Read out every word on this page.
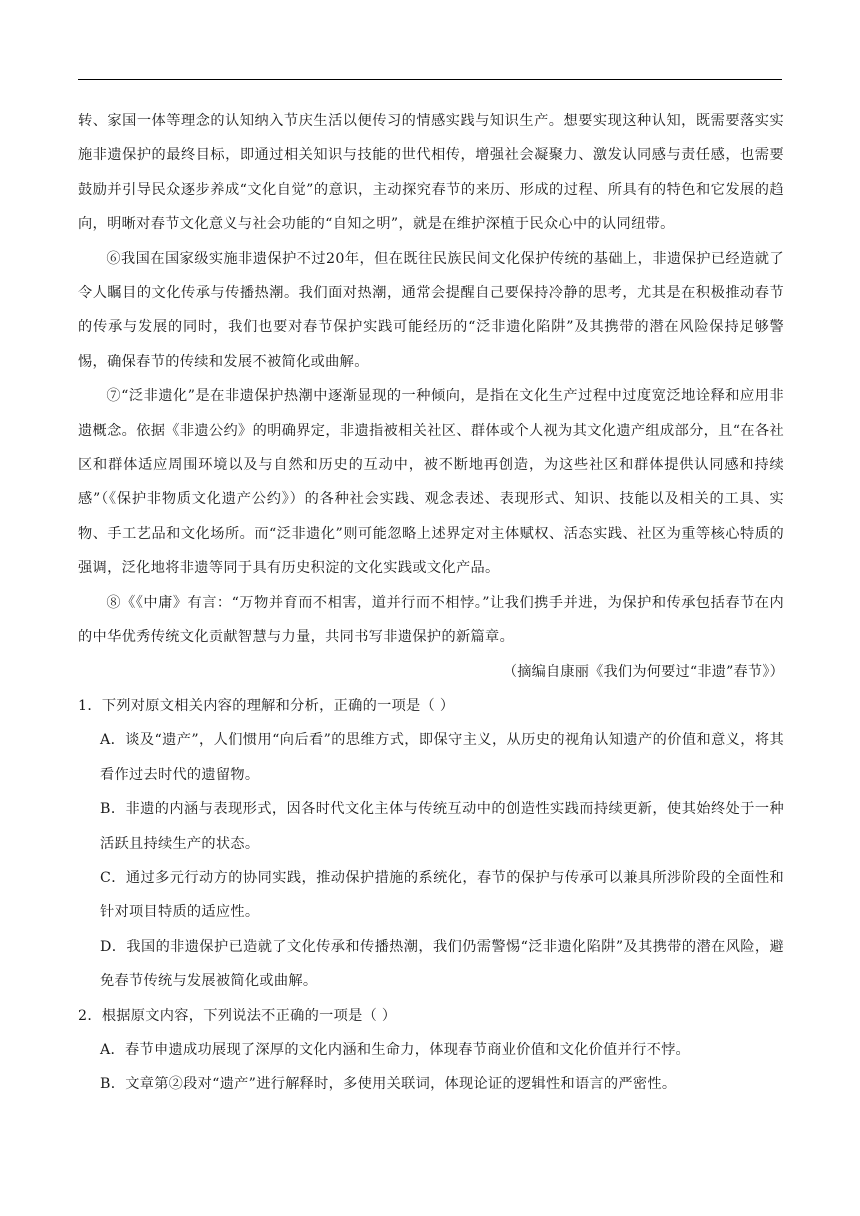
转、家国一体等理念的认知纳入节庆生活以便传习的情感实践与知识生产。想要实现这种认知，既需要落实实施非遗保护的最终目标，即通过相关知识与技能的世代相传，增强社会凝聚力、激发认同感与责任感，也需要鼓励并引导民众逐步养成“文化自觉”的意识，主动探究春节的来历、形成的过程、所具有的特色和它发展的趋向，明晰对春节文化意义与社会功能的“自知之明”，就是在维护深植于民众心中的认同纽带。

⑥我国在国家级实施非遗保护不过20年，但在既往民族民间文化保护传统的基础上，非遗保护已经造就了令人瞩目的文化传承与传播热潮。我们面对热潮，通常会提醒自己要保持冷静的思考，尤其是在积极推动春节的传承与发展的同时，我们也要对春节保护实践可能经历的“泛非遗化陷阱”及其携带的潜在风险保持足够警惕，确保春节的传续和发展不被简化或曲解。

⑦“泛非遗化”是在非遗保护热潮中逐渐显现的一种倾向，是指在文化生产过程中过度宽泛地诠释和应用非遗概念。依据《非遗公约》的明确界定，非遗指被相关社区、群体或个人视为其文化遗产组成部分，且“在各社区和群体适应周围环境以及与自然和历史的互动中，被不断地再创造，为这些社区和群体提供认同感和持续感”（《保护非物质文化遗产公约》）的各种社会实践、观念表述、表现形式、知识、技能以及相关的工具、实物、手工艺品和文化场所。而“泛非遗化”则可能忽略上述界定对主体赋权、活态实践、社区为重等核心特质的强调，泛化地将非遗等同于具有历史积淀的文化实践或文化产品。

⑧《《中庸》有言：“万物并育而不相害，道并行而不相悖。”让我们携手并进，为保护和传承包括春节在内的中华优秀传统文化贡献智慧与力量，共同书写非遗保护的新篇章。

（摘编自康丽《我们为何要过“非遗”春节》）

1．下列对原文相关内容的理解和分析，正确的一项是（ ）

A．谈及“遗产”，人们惯用“向后看”的思维方式，即保守主义，从历史的视角认知遗产的价值和意义，将其看作过去时代的遗留物。

B．非遗的内涵与表现形式，因各时代文化主体与传统互动中的创造性实践而持续更新，使其始终处于一种活跃且持续生产的状态。

C．通过多元行动方的协同实践，推动保护措施的系统化，春节的保护与传承可以兼具所涉阶段的全面性和针对项目特质的适应性。

D．我国的非遗保护已造就了文化传承和传播热潮，我们仍需警惕“泛非遗化陷阱”及其携带的潜在风险，避免春节传统与发展被简化或曲解。

2．根据原文内容，下列说法不正确的一项是（ ）

A．春节申遗成功展现了深厚的文化内涵和生命力，体现春节商业价值和文化价值并行不悖。

B．文章第②段对“遗产”进行解释时，多使用关联词，体现论证的逻辑性和语言的严密性。
